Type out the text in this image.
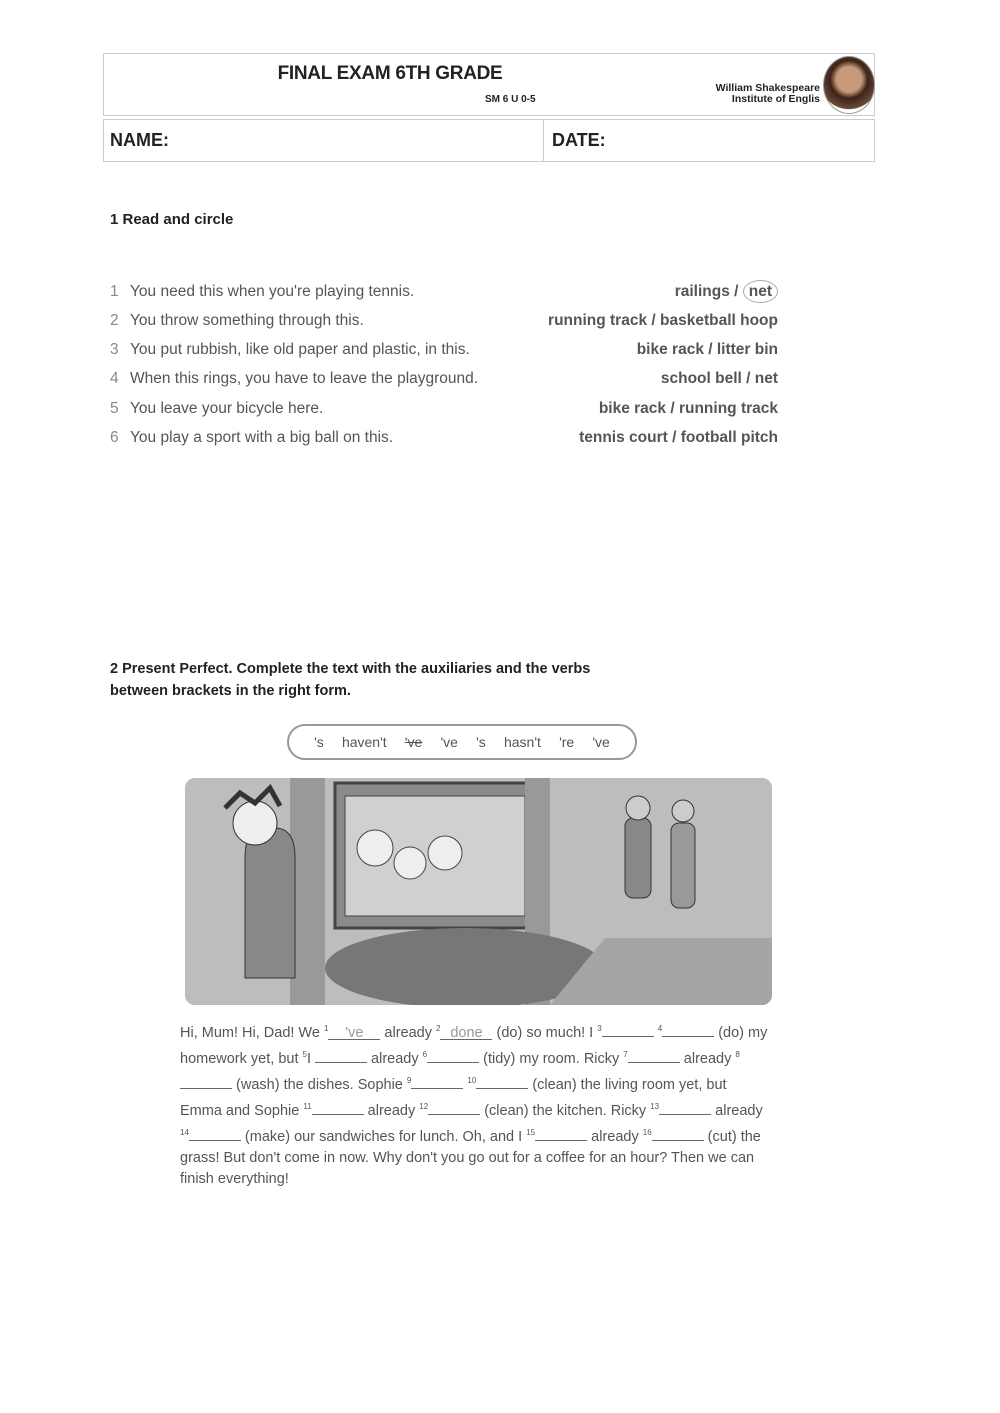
FINAL EXAM 6TH GRADE
SM 6 U 0-5
William Shakespeare
Institute of Englis
NAME:	DATE:
1 Read and circle
1 You need this when you're playing tennis.	railings / net
2 You throw something through this.	running track / basketball hoop
3 You put rubbish, like old paper and plastic, in this.	bike rack / litter bin
4 When this rings, you have to leave the playground.	school bell / net
5 You leave your bicycle here.	bike rack / running track
6 You play a sport with a big ball on this.	tennis court / football pitch
2 Present Perfect. Complete the text with the auxiliaries and the verbs
between brackets in the right form.
's haven't 've 've 's hasn't 're 've
Hi, Mum! Hi, Dad! We $^1$ 've already $^2$ done (do) so much! I $^3$	$^4$	(do) my homework yet, but $^5$I	already $^6$	(tidy) my room. Ricky $^7$	already $^8$ (wash) the dishes. Sophie $^9$	$^{10}$	(clean) the living room yet, but Emma and Sophie $^{11}$	already $^{12}$	(clean) the kitchen. Ricky $^{13}$	already $^{14}$	(make) our sandwiches for lunch. Oh, and I $^{15}$	already $^{16}$	(cut) the grass! But don't come in now. Why don't you go out for a coffee for an hour? Then we can finish everything!
